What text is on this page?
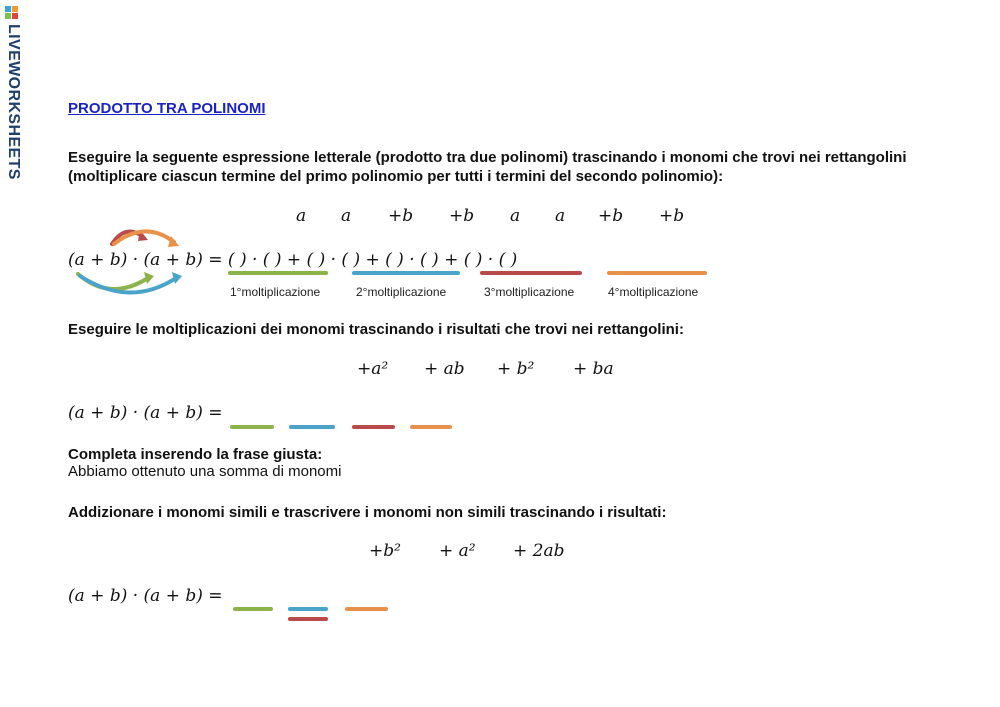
LIVEWORKSHEETS	PRODOTTO TRA POLINOMI
Eseguire la seguente espressione letterale (prodotto tra due polinomi) trascinando i monomi che trovi nei rettangolini (moltiplicare ciascun termine del primo polinomio per tutti i termini del secondo polinomio):
a a +b +b a a +b +b
(a + b) · (a + b) = ( ) · ( ) + ( ) · ( ) + ( ) · ( ) + ( ) · ( )
1°moltiplicazione	2°moltiplicazione	3°moltiplicazione	4°moltiplicazione
Eseguire le moltiplicazioni dei monomi trascinando i risultati che trovi nei rettangolini:
+a² + ab + b² + ba
(a + b) · (a + b) =
Completa inserendo la frase giusta:
Abbiamo ottenuto una somma di monomi
Addizionare i monomi simili e trascrivere i monomi non simili trascinando i risultati:
+b² + a² + 2ab
(a + b) · (a + b) =
